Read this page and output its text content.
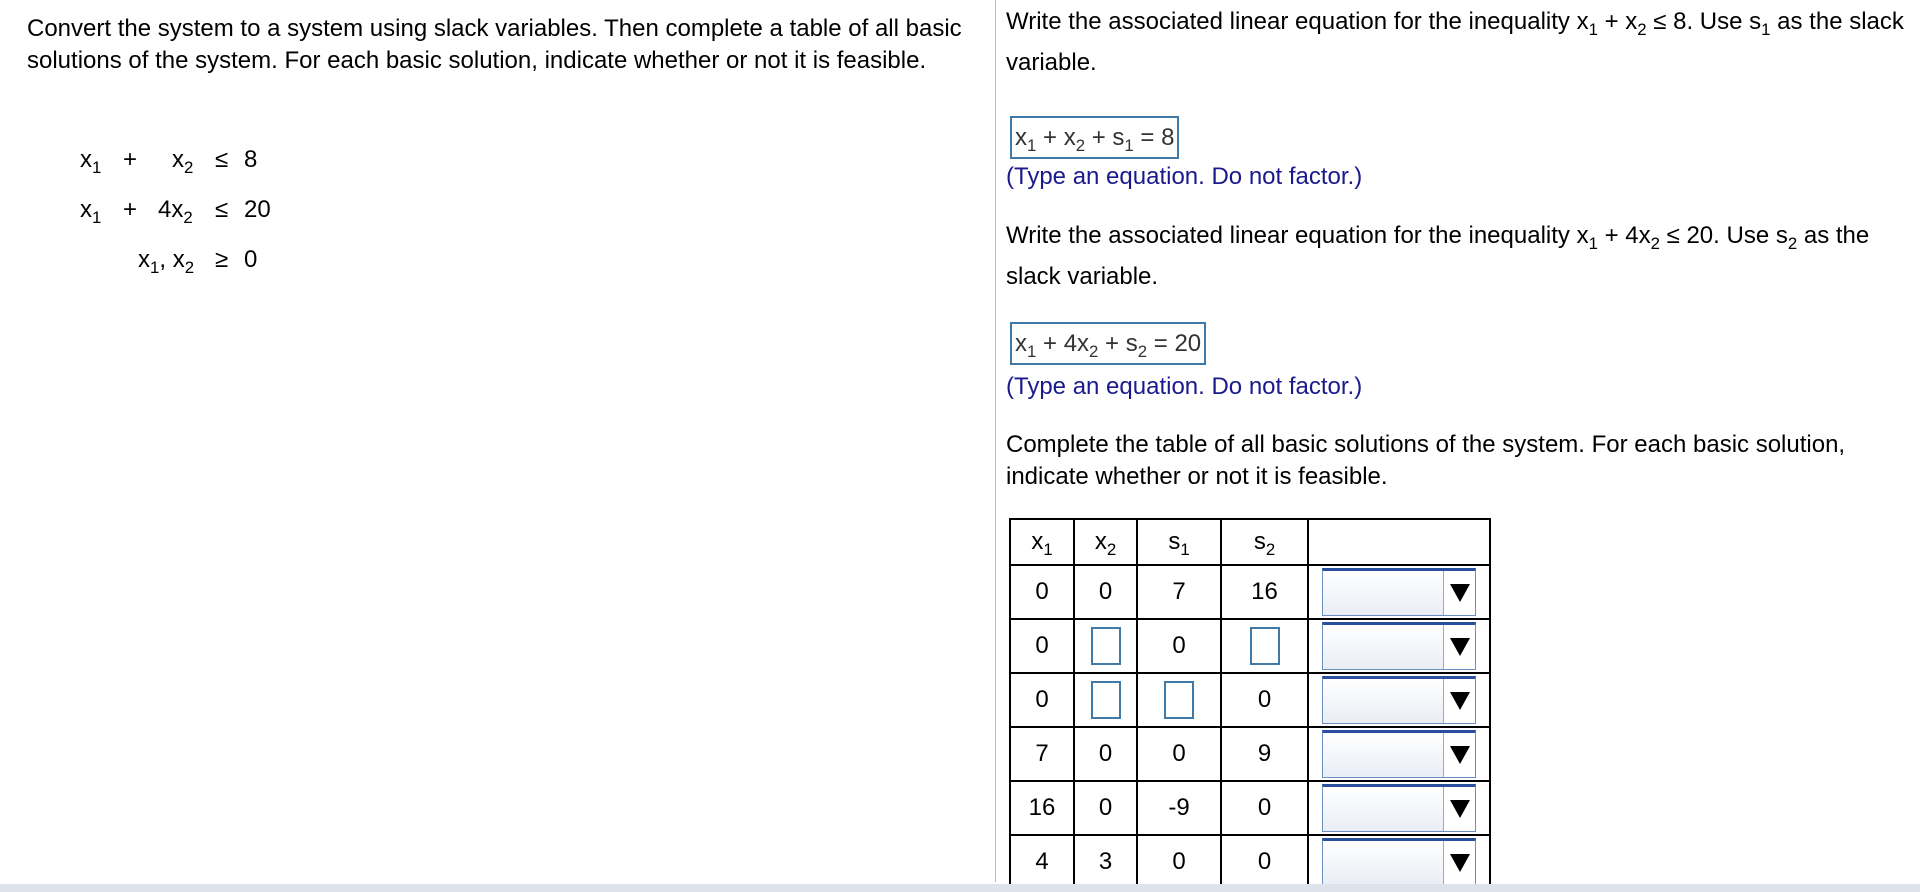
Convert the system to a system using slack variables. Then complete a table of all basic solutions of the system. For each basic solution, indicate whether or not it is feasible.
$x_1 + x_2 \le 8$
$x_1 + 4x_2 \le 20$
$x_1$, $x_2 \ge 0$
Write the associated linear equation for the inequality $x_1 + x_2 \le 8$. Use $s_1$ as the slack variable.
$x_1 + x_2 + s_1 = 8$
(Type an equation. Do not factor.)
Write the associated linear equation for the inequality $x_1 + 4x_2 \le 20$. Use $s_2$ as the slack variable.
$x_1 + 4x_2 + s_2 = 20$
(Type an equation. Do not factor.)
Complete the table of all basic solutions of the system. For each basic solution, indicate whether or not it is feasible.
$x_1$	$x_2$	$s_1$	$s_2$	
0	0	7	16	

0		0		

0			0	

7	0	0	9	

16	0	-9	0	

4	3	0	0	
